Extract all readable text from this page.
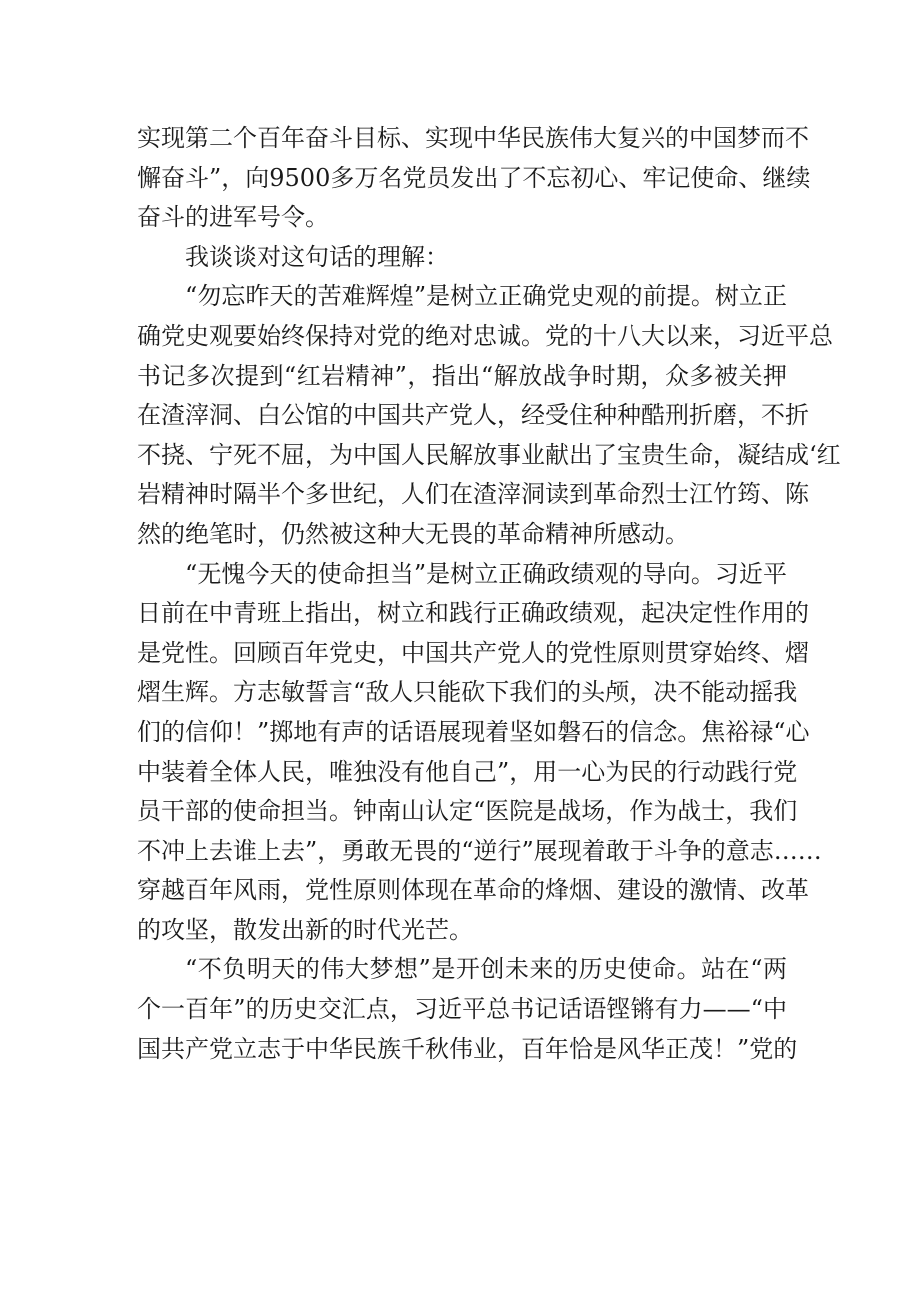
实现第二个百年奋斗目标、实现中华民族伟大复兴的中国梦而不
懈奋斗”，向9500多万名党员发出了不忘初心、牢记使命、继续
奋斗的进军号令。
我谈谈对这句话的理解：
“勿忘昨天的苦难辉煌”是树立正确党史观的前提。树立正
确党史观要始终保持对党的绝对忠诚。党的十八大以来，习近平总
书记多次提到“红岩精神”，指出“解放战争时期，众多被关押
在渣滓洞、白公馆的中国共产党人，经受住种种酷刑折磨，不折
不挠、宁死不屈，为中国人民解放事业献出了宝贵生命，凝结成‘红
岩精神时隔半个多世纪，人们在渣滓洞读到革命烈士江竹筠、陈
然的绝笔时，仍然被这种大无畏的革命精神所感动。
“无愧今天的使命担当”是树立正确政绩观的导向。习近平
日前在中青班上指出，树立和践行正确政绩观，起决定性作用的
是党性。回顾百年党史，中国共产党人的党性原则贯穿始终、熠
熠生辉。方志敏誓言“敌人只能砍下我们的头颅，决不能动摇我
们的信仰！”掷地有声的话语展现着坚如磐石的信念。焦裕禄“心
中装着全体人民，唯独没有他自己”，用一心为民的行动践行党
员干部的使命担当。钟南山认定“医院是战场，作为战士，我们
不冲上去谁上去”，勇敢无畏的“逆行”展现着敢于斗争的意志……
穿越百年风雨，党性原则体现在革命的烽烟、建设的激情、改革
的攻坚，散发出新的时代光芒。
“不负明天的伟大梦想”是开创未来的历史使命。站在“两
个一百年”的历史交汇点，习近平总书记话语铿锵有力——“中
国共产党立志于中华民族千秋伟业，百年恰是风华正茂！”党的
